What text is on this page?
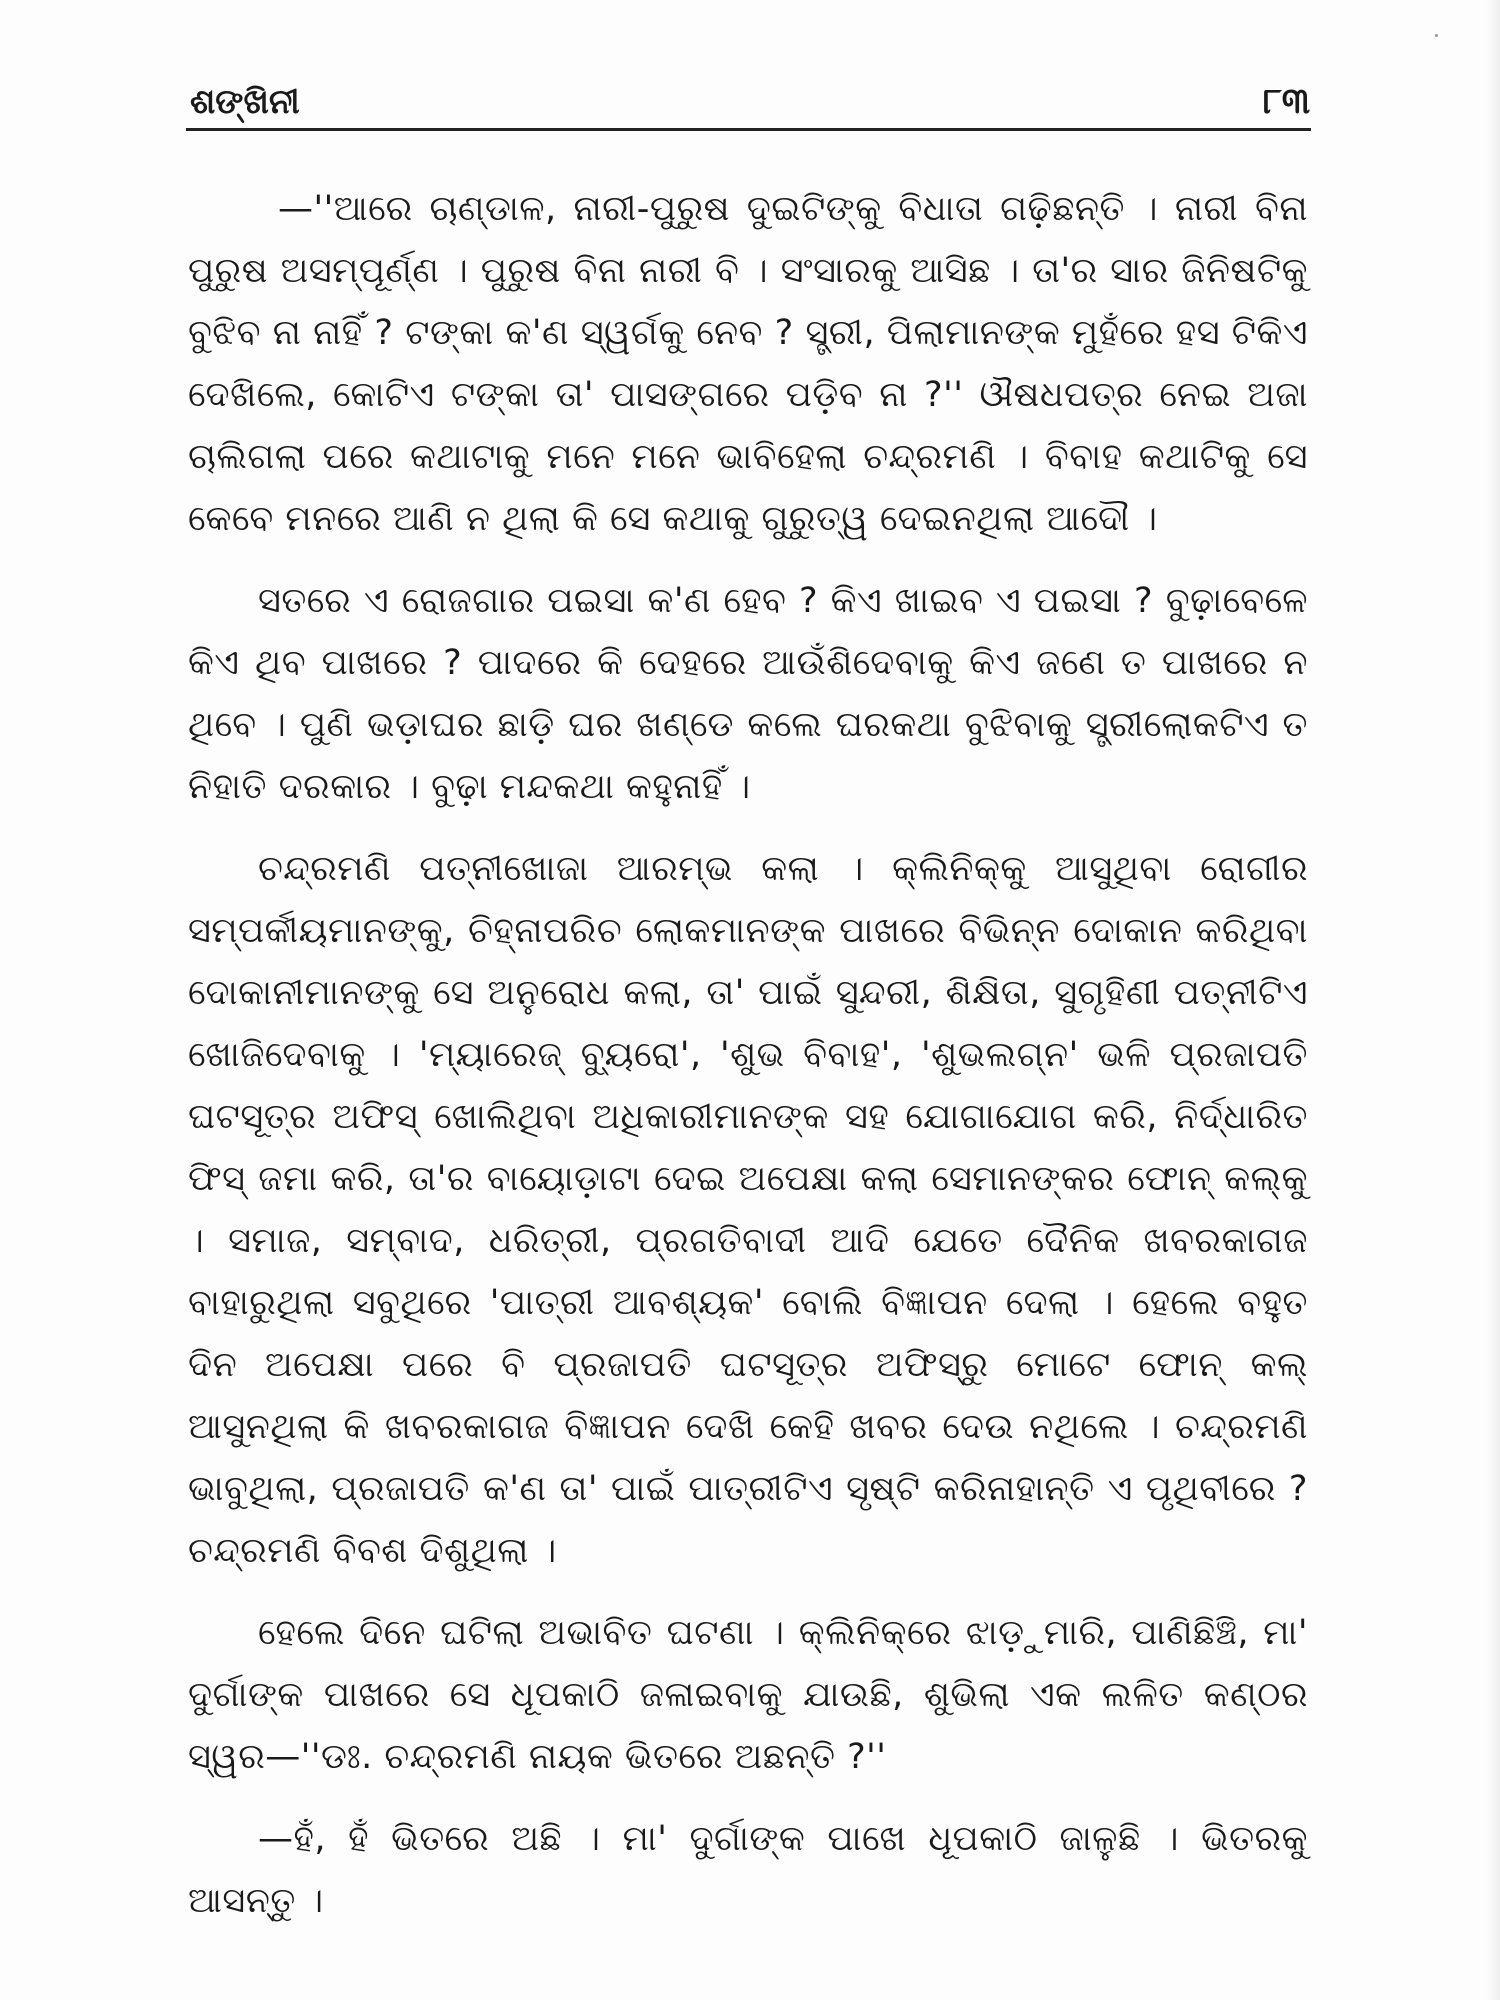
ଶଙ୍ଖିନୀ	୮୩

—''ଆରେ ଚାଣ୍ଡାଳ, ନାରୀ-ପୁରୁଷ ଦୁଇଟିଙ୍କୁ ବିଧାତା ଗଢ଼ିଛନ୍ତି । ନାରୀ ବିନା ପୁରୁଷ ଅସମ୍ପୂର୍ଣ୍ଣ । ପୁରୁଷ ବିନା ନାରୀ ବି । ସଂସାରକୁ ଆସିଛ । ତା'ର ସାର ଜିନିଷଟିକୁ ବୁଝିବ ନା ନାହିଁ ? ଟଙ୍କା କ'ଣ ସ୍ୱର୍ଗକୁ ନେବ ? ସ୍ତ୍ରୀ, ପିଲାମାନଙ୍କ ମୁହଁରେ ହସ ଟିକିଏ ଦେଖିଲେ, କୋଟିଏ ଟଙ୍କା ତା' ପାସଙ୍ଗରେ ପଡ଼ିବ ନା ?'' ଔଷଧପତ୍ର ନେଇ ଅଜା ଚାଲିଗଲା ପରେ କଥାଟାକୁ ମନେ ମନେ ଭାବିହେଲା ଚନ୍ଦ୍ରମଣି । ବିବାହ କଥାଟିକୁ ସେ କେବେ ମନରେ ଆଣି ନ ଥିଲା କି ସେ କଥାକୁ ଗୁରୁତ୍ୱ ଦେଇନଥିଲା ଆଦୌ ।

ସତରେ ଏ ରୋଜଗାର ପଇସା କ'ଣ ହେବ ? କିଏ ଖାଇବ ଏ ପଇସା ? ବୁଢ଼ାବେଳେ କିଏ ଥିବ ପାଖରେ ? ପାଦରେ କି ଦେହରେ ଆଉଁଶିଦେବାକୁ କିଏ ଜଣେ ତ ପାଖରେ ନ ଥିବେ । ପୁଣି ଭଡ଼ାଘର ଛାଡ଼ି ଘର ଖଣ୍ଡେ କଲେ ଘରକଥା ବୁଝିବାକୁ ସ୍ତ୍ରୀଲୋକଟିଏ ତ ନିହାତି ଦରକାର । ବୁଢ଼ା ମନ୍ଦକଥା କହୁନାହିଁ ।

ଚନ୍ଦ୍ରମଣି ପତ୍ନୀଖୋଜା ଆରମ୍ଭ କଲା । କ୍ଲିନିକ୍‌କୁ ଆସୁଥିବା ରୋଗୀର ସମ୍ପର୍କୀୟମାନଙ୍କୁ, ଚିହ୍ନାପରିଚ ଲୋକମାନଙ୍କ ପାଖରେ ବିଭିନ୍ନ ଦୋକାନ କରିଥିବା ଦୋକାନୀମାନଙ୍କୁ ସେ ଅନୁରୋଧ କଲା, ତା' ପାଇଁ ସୁନ୍ଦରୀ, ଶିକ୍ଷିତା, ସୁଗୃହିଣୀ ପତ୍ନୀଟିଏ ଖୋଜିଦେବାକୁ । 'ମ୍ୟାରେଜ୍ ବ୍ୟୁରୋ', 'ଶୁଭ ବିବାହ', 'ଶୁଭଲଗ୍ନ' ଭଳି ପ୍ରଜାପତି ଘଟସୂତ୍ର ଅଫିସ୍ ଖୋଲିଥିବା ଅଧିକାରୀମାନଙ୍କ ସହ ଯୋଗାଯୋଗ କରି, ନିର୍ଦ୍ଧାରିତ ଫିସ୍ ଜମା କରି, ତା'ର ବାୟୋଡ଼ାଟା ଦେଇ ଅପେକ୍ଷା କଲା ସେମାନଙ୍କର ଫୋନ୍ କଲ୍‌କୁ । ସମାଜ, ସମ୍ବାଦ, ଧରିତ୍ରୀ, ପ୍ରଗତିବାଦୀ ଆଦି ଯେତେ ଦୈନିକ ଖବରକାଗଜ ବାହାରୁଥିଲା ସବୁଥିରେ 'ପାତ୍ରୀ ଆବଶ୍ୟକ' ବୋଲି ବିଜ୍ଞାପନ ଦେଲା । ହେଲେ ବହୁତ ଦିନ ଅପେକ୍ଷା ପରେ ବି ପ୍ରଜାପତି ଘଟସୂତ୍ର ଅଫିସ୍‌ରୁ ମୋଟେ ଫୋନ୍ କଲ୍ ଆସୁନଥିଲା କି ଖବରକାଗଜ ବିଜ୍ଞାପନ ଦେଖି କେହି ଖବର ଦେଉ ନଥିଲେ । ଚନ୍ଦ୍ରମଣି ଭାବୁଥିଲା, ପ୍ରଜାପତି କ'ଣ ତା' ପାଇଁ ପାତ୍ରୀଟିଏ ସୃଷ୍ଟି କରିନାହାନ୍ତି ଏ ପୃଥିବୀରେ ? ଚନ୍ଦ୍ରମଣି ବିବଶ ଦିଶୁଥିଲା ।

ହେଲେ ଦିନେ ଘଟିଲା ଅଭାବିତ ଘଟଣା । କ୍ଲିନିକ୍‌ରେ ଝାଡ଼ୁମାରି, ପାଣିଛିଞ୍ଚି, ମା' ଦୁର୍ଗାଙ୍କ ପାଖରେ ସେ ଧୂପକାଠି ଜଳାଇବାକୁ ଯାଉଛି, ଶୁଭିଲା ଏକ ଲଳିତ କଣ୍ଠର ସ୍ୱର—''ଡଃ. ଚନ୍ଦ୍ରମଣି ନାୟକ ଭିତରେ ଅଛନ୍ତି ?''

—ହଁ, ହଁ ଭିତରେ ଅଛି । ମା' ଦୁର୍ଗାଙ୍କ ପାଖେ ଧୂପକାଠି ଜାଳୁଛି । ଭିତରକୁ ଆସନ୍ତୁ ।
